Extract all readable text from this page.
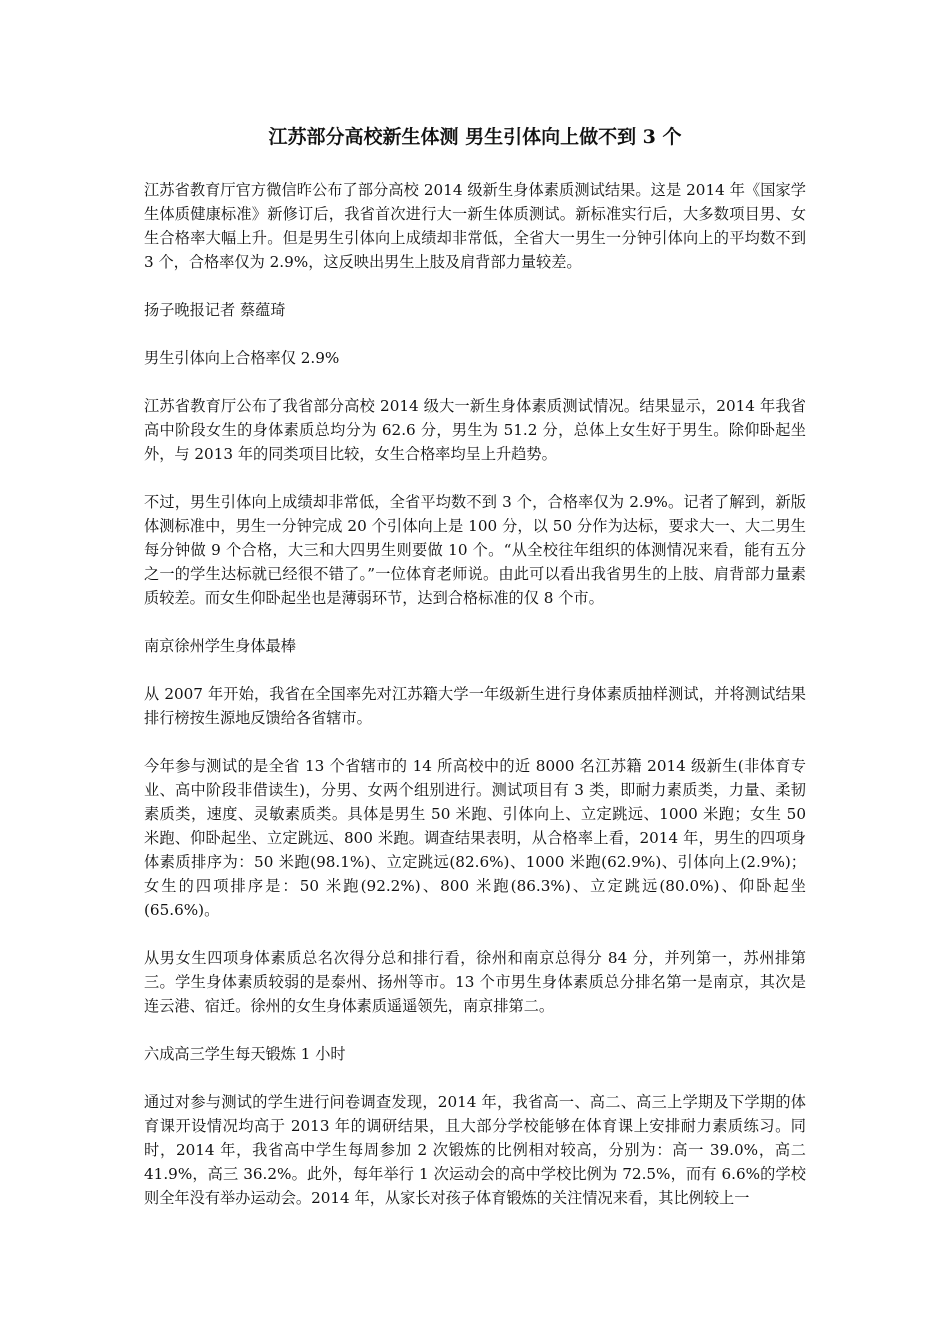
江苏部分高校新生体测 男生引体向上做不到 3 个

江苏省教育厅官方微信昨公布了部分高校 2014 级新生身体素质测试结果。这是 2014 年《国家学生体质健康标准》新修订后，我省首次进行大一新生体质测试。新标准实行后，大多数项目男、女生合格率大幅上升。但是男生引体向上成绩却非常低，全省大一男生一分钟引体向上的平均数不到 3 个，合格率仅为 2.9%，这反映出男生上肢及肩背部力量较差。

扬子晚报记者 蔡蕴琦

男生引体向上合格率仅 2.9%

江苏省教育厅公布了我省部分高校 2014 级大一新生身体素质测试情况。结果显示，2014 年我省高中阶段女生的身体素质总均分为 62.6 分，男生为 51.2 分，总体上女生好于男生。除仰卧起坐外，与 2013 年的同类项目比较，女生合格率均呈上升趋势。

不过，男生引体向上成绩却非常低，全省平均数不到 3 个，合格率仅为 2.9%。记者了解到，新版体测标准中，男生一分钟完成 20 个引体向上是 100 分，以 50 分作为达标，要求大一、大二男生每分钟做 9 个合格，大三和大四男生则要做 10 个。“从全校往年组织的体测情况来看，能有五分之一的学生达标就已经很不错了。”一位体育老师说。由此可以看出我省男生的上肢、肩背部力量素质较差。而女生仰卧起坐也是薄弱环节，达到合格标准的仅 8 个市。

南京徐州学生身体最棒

从 2007 年开始，我省在全国率先对江苏籍大学一年级新生进行身体素质抽样测试，并将测试结果排行榜按生源地反馈给各省辖市。

今年参与测试的是全省 13 个省辖市的 14 所高校中的近 8000 名江苏籍 2014 级新生(非体育专业、高中阶段非借读生)，分男、女两个组别进行。测试项目有 3 类，即耐力素质类，力量、柔韧素质类，速度、灵敏素质类。具体是男生 50 米跑、引体向上、立定跳远、1000 米跑；女生 50 米跑、仰卧起坐、立定跳远、800 米跑。调查结果表明，从合格率上看，2014 年，男生的四项身体素质排序为：50 米跑(98.1%)、立定跳远(82.6%)、1000 米跑(62.9%)、引体向上(2.9%)；女生的四项排序是：50 米跑(92.2%)、800 米跑(86.3%)、立定跳远(80.0%)、仰卧起坐(65.6%)。

从男女生四项身体素质总名次得分总和排行看，徐州和南京总得分 84 分，并列第一，苏州排第三。学生身体素质较弱的是泰州、扬州等市。13 个市男生身体素质总分排名第一是南京，其次是连云港、宿迁。徐州的女生身体素质遥遥领先，南京排第二。

六成高三学生每天锻炼 1 小时

通过对参与测试的学生进行问卷调查发现，2014 年，我省高一、高二、高三上学期及下学期的体育课开设情况均高于 2013 年的调研结果，且大部分学校能够在体育课上安排耐力素质练习。同时，2014 年，我省高中学生每周参加 2 次锻炼的比例相对较高，分别为：高一 39.0%，高二 41.9%，高三 36.2%。此外，每年举行 1 次运动会的高中学校比例为 72.5%，而有 6.6%的学校则全年没有举办运动会。2014 年，从家长对孩子体育锻炼的关注情况来看，其比例较上一
